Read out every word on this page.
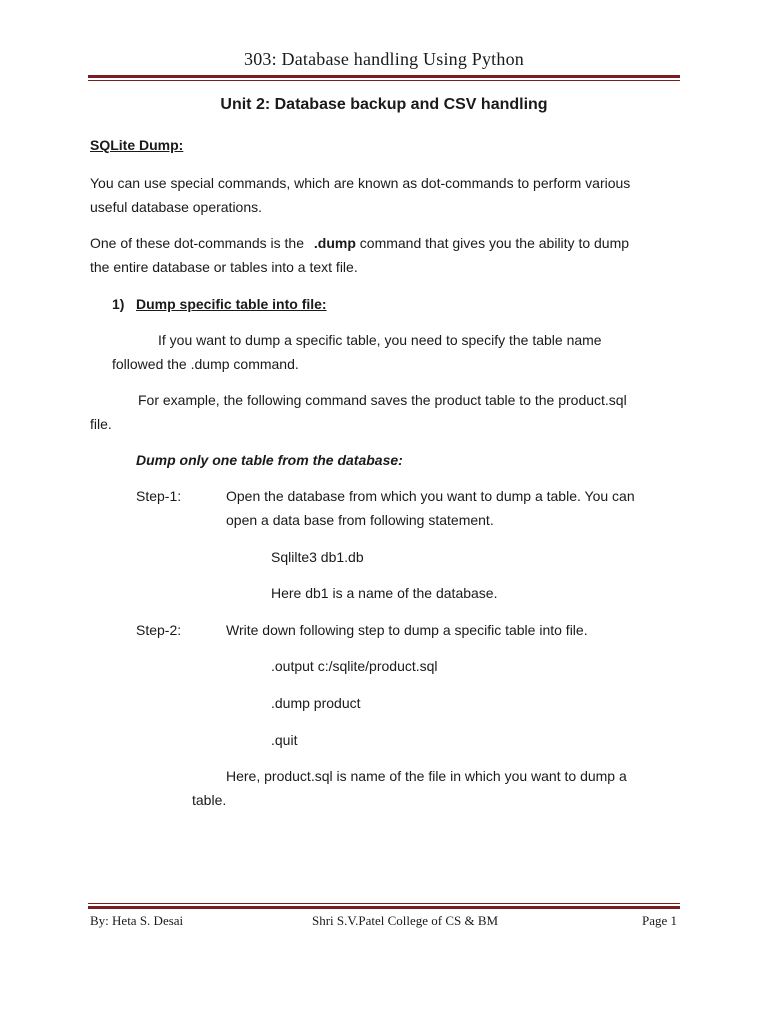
303: Database handling Using Python
Unit 2: Database backup and CSV handling
SQLite Dump:
You can use special commands, which are known as dot-commands to perform various
useful database operations.
One of these dot-commands is the .dump command that gives you the ability to dump
the entire database or tables into a text file.
1) Dump specific table into file:
If you want to dump a specific table, you need to specify the table name
followed the .dump command.
For example, the following command saves the product table to the product.sql
file.
Dump only one table from the database:
Step-1:	Open the database from which you want to dump a table. You can
open a data base from following statement.
Sqlilte3 db1.db
Here db1 is a name of the database.
Step-2:	Write down following step to dump a specific table into file.
.output c:/sqlite/product.sql
.dump product
.quit
Here, product.sql is name of the file in which you want to dump a
table.
By: Heta S. Desai	Shri S.V.Patel College of CS & BM	Page 1
